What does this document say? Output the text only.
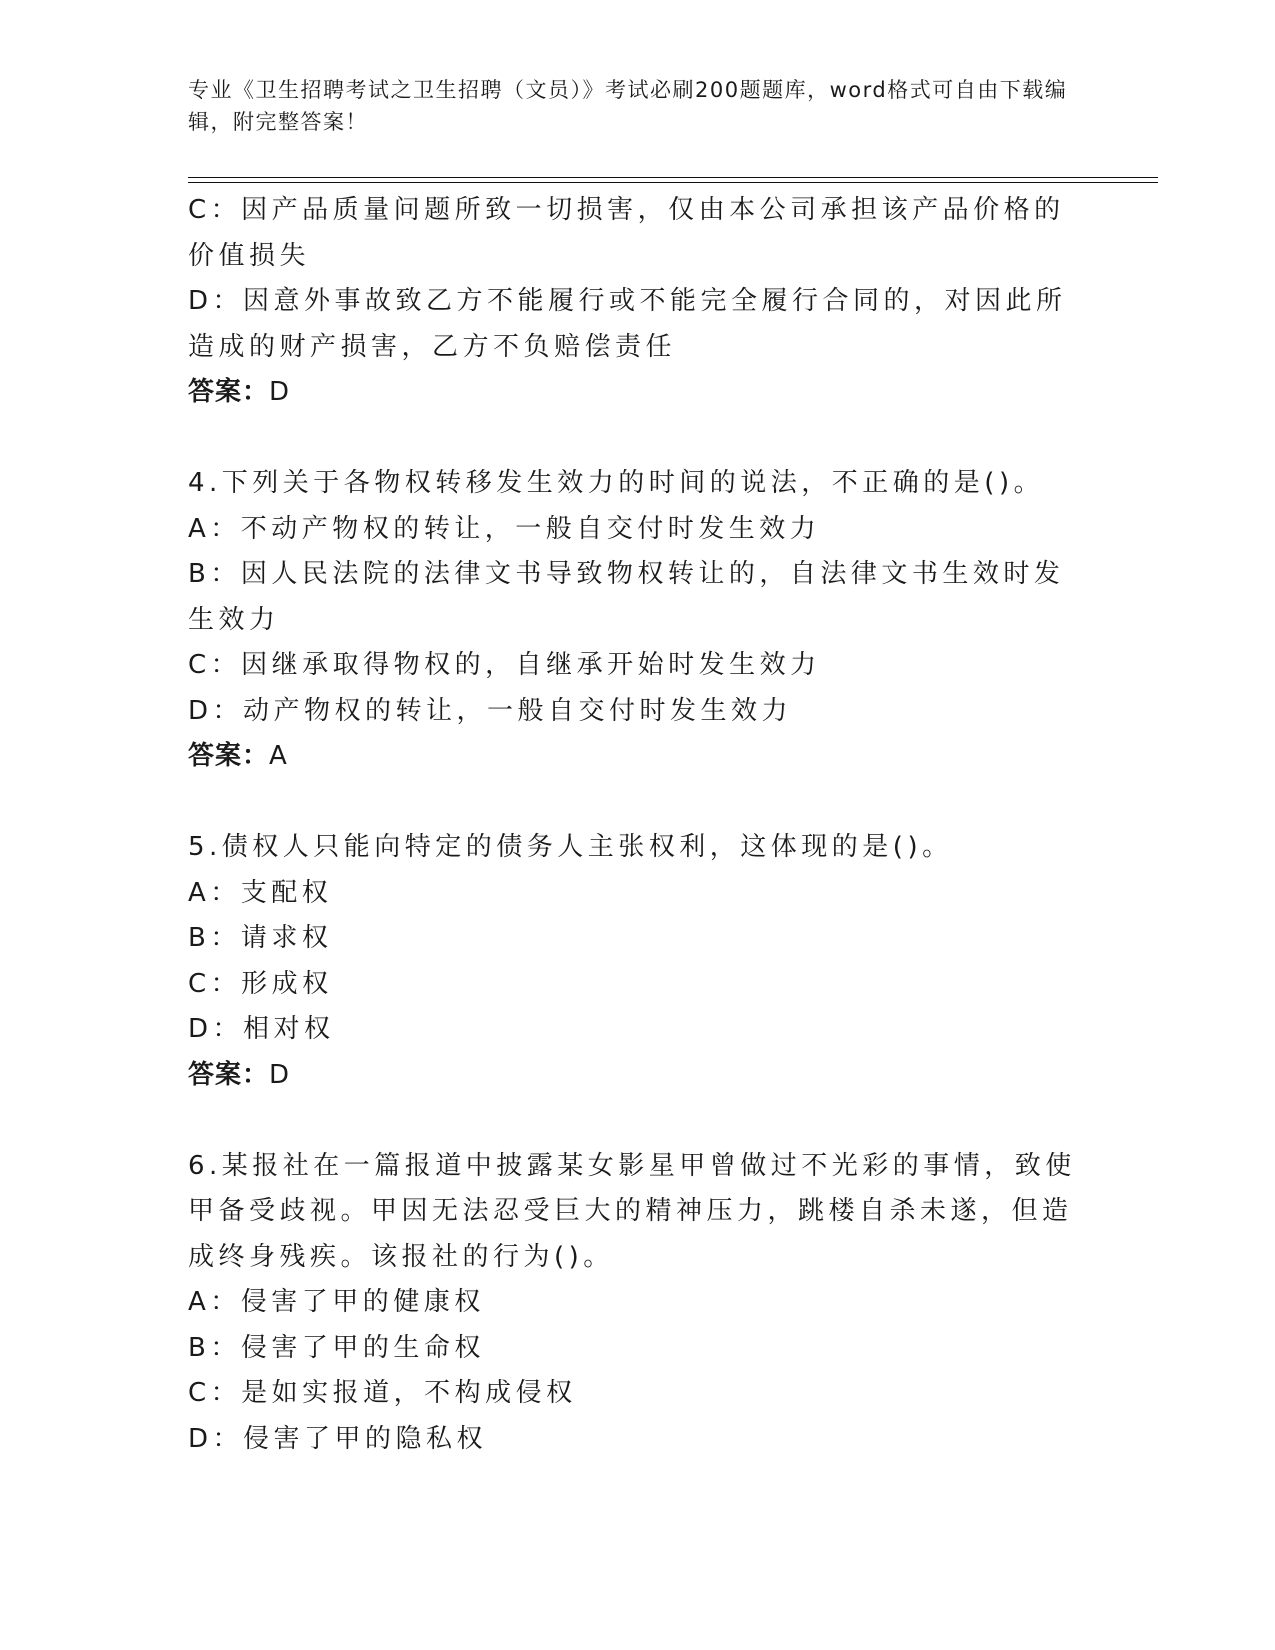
专业《卫生招聘考试之卫生招聘（文员）》考试必刷200题题库，word格式可自由下载编辑，附完整答案！
C：因产品质量问题所致一切损害，仅由本公司承担该产品价格的价值损失
D：因意外事故致乙方不能履行或不能完全履行合同的，对因此所造成的财产损害，乙方不负赔偿责任
答案：D
4.下列关于各物权转移发生效力的时间的说法，不正确的是()。
A：不动产物权的转让，一般自交付时发生效力
B：因人民法院的法律文书导致物权转让的，自法律文书生效时发生效力
C：因继承取得物权的，自继承开始时发生效力
D：动产物权的转让，一般自交付时发生效力
答案：A
5.债权人只能向特定的债务人主张权利，这体现的是()。
A：支配权
B：请求权
C：形成权
D：相对权
答案：D
6.某报社在一篇报道中披露某女影星甲曾做过不光彩的事情，致使甲备受歧视。甲因无法忍受巨大的精神压力，跳楼自杀未遂，但造成终身残疾。该报社的行为()。
A：侵害了甲的健康权
B：侵害了甲的生命权
C：是如实报道，不构成侵权
D：侵害了甲的隐私权
